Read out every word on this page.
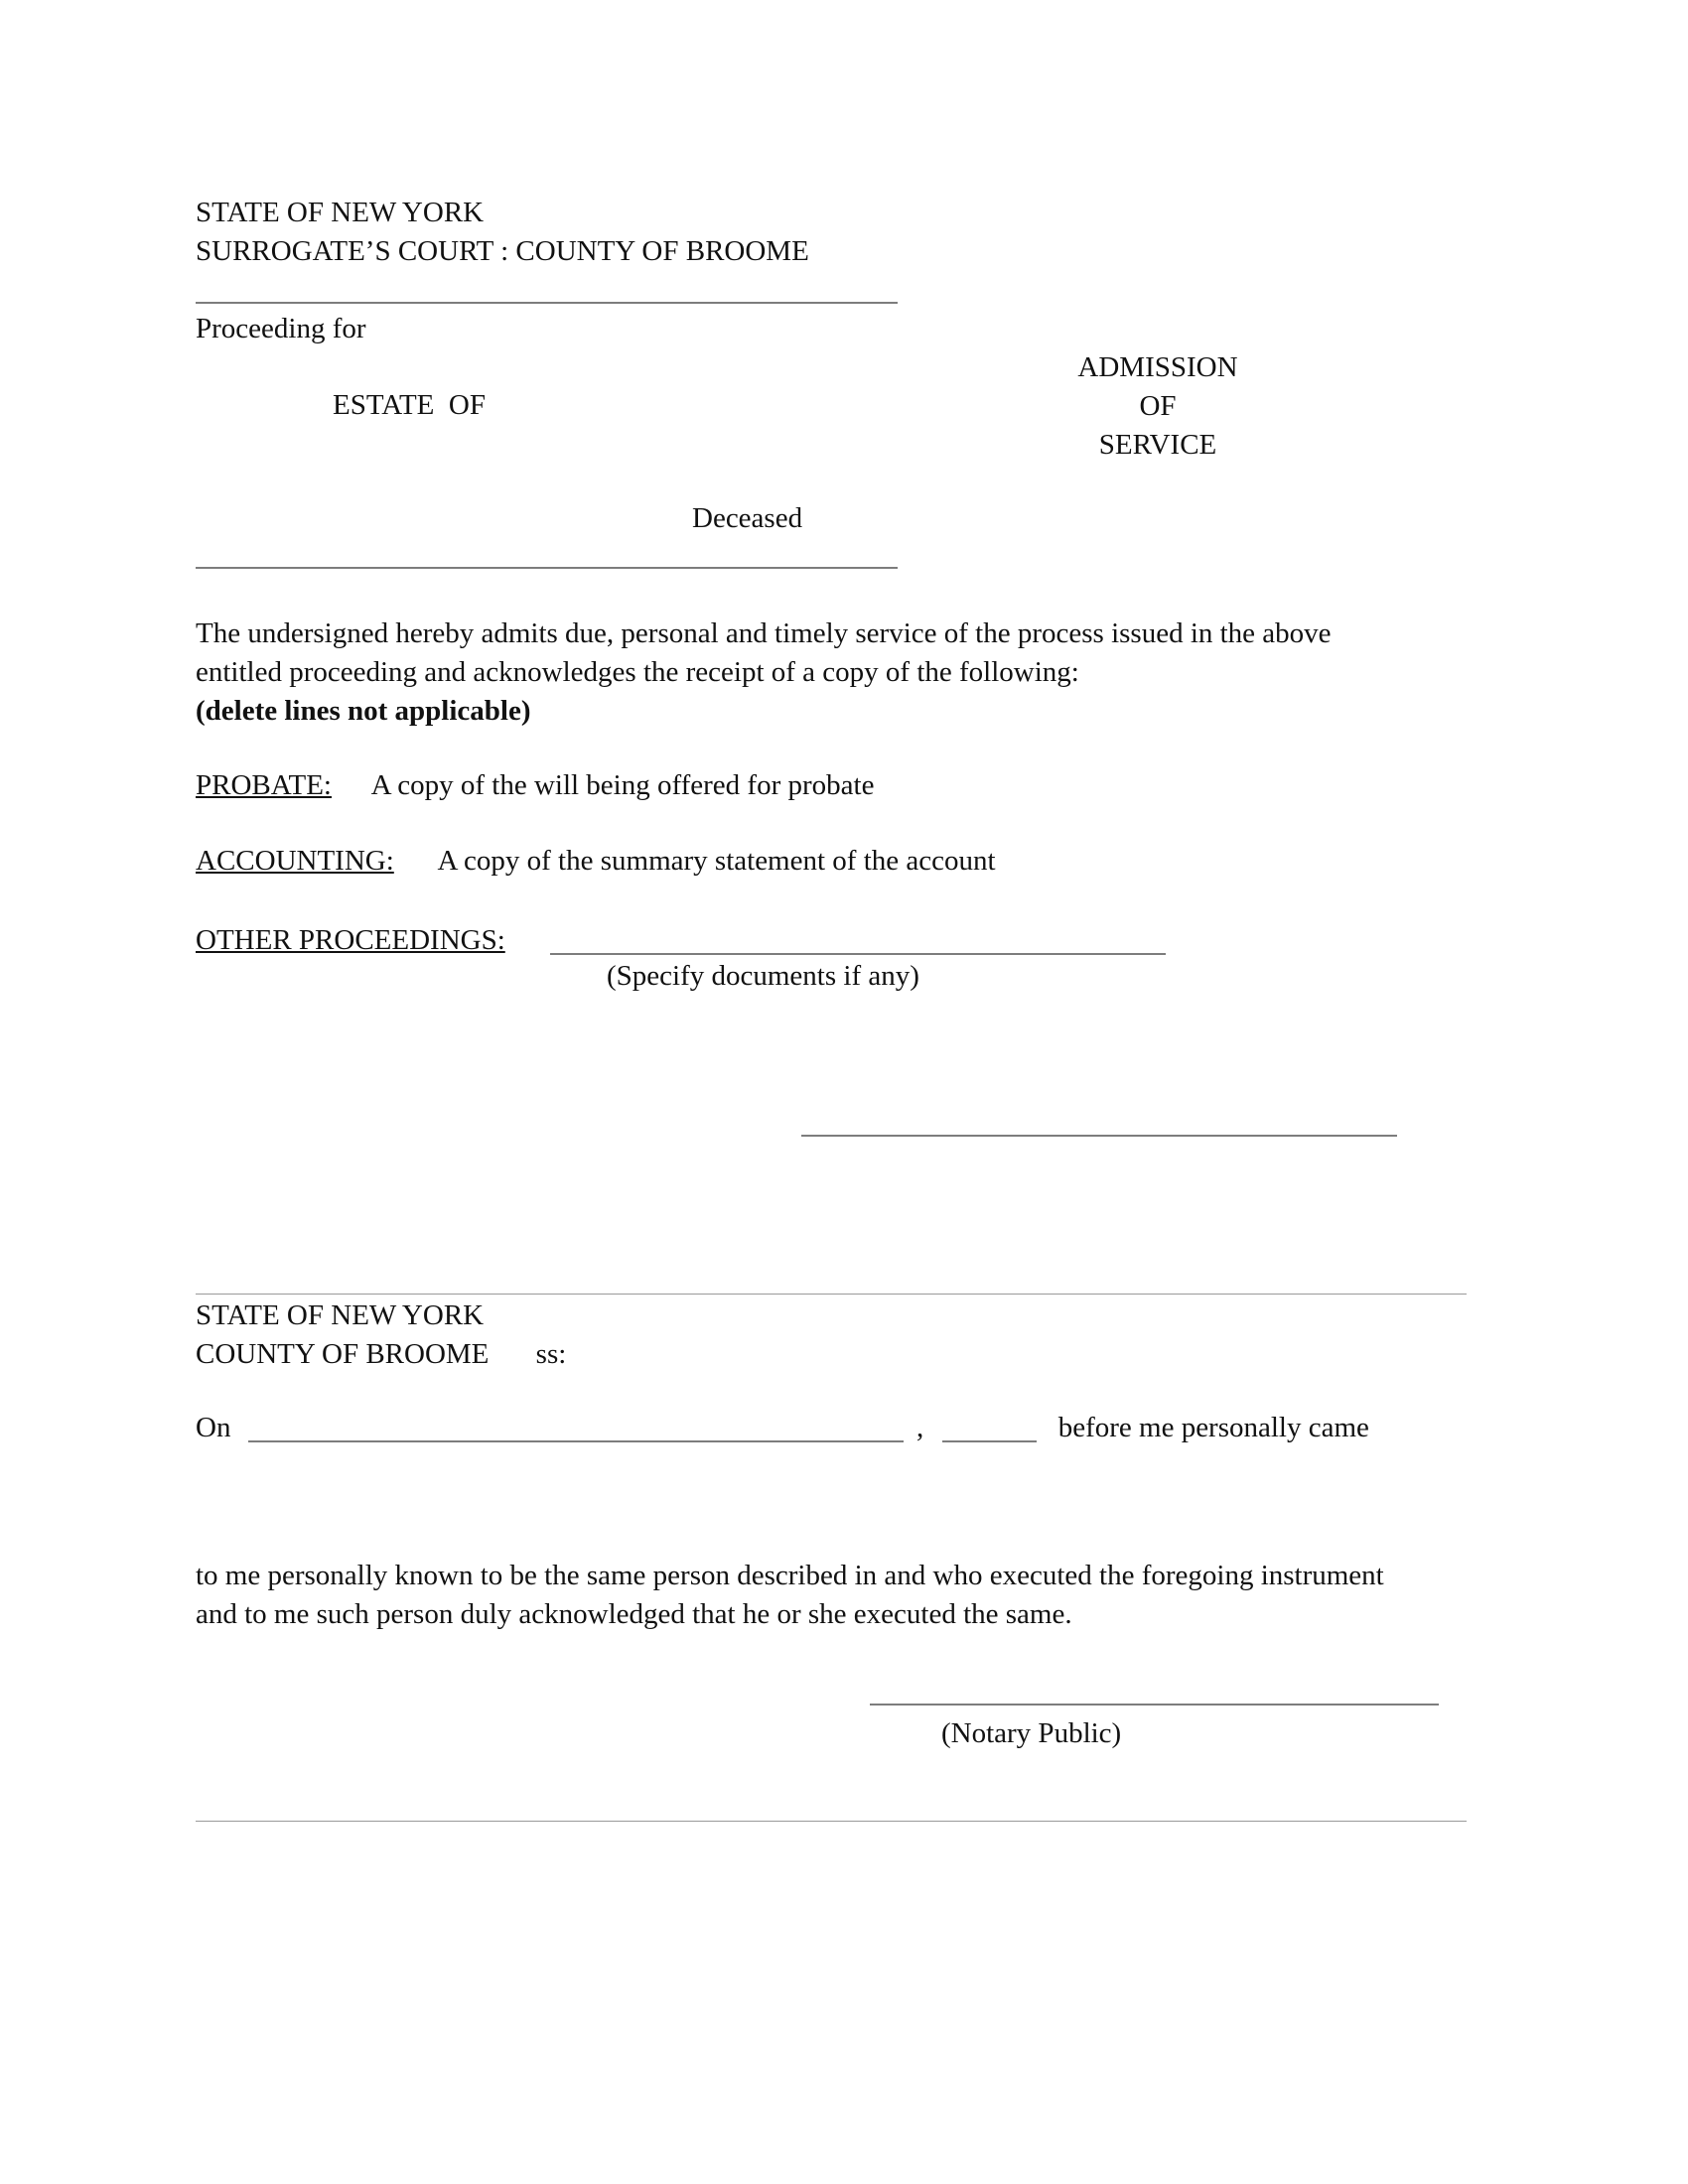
STATE OF NEW YORK
SURROGATE’S COURT : COUNTY OF BROOME
Proceeding for
ADMISSION
OF
SERVICE
ESTATE  OF
Deceased
The undersigned hereby admits due, personal and timely service of the process issued in the above entitled proceeding and acknowledges the receipt of a copy of the following:
(delete lines not applicable)
PROBATE: A copy of the will being offered for probate
ACCOUNTING: A copy of the summary statement of the account
OTHER PROCEEDINGS:
(Specify documents if any)
STATE OF NEW YORK
COUNTY OF BROOME ss:
On	,	before me personally came
to me personally known to be the same person described in and who executed the foregoing instrument and to me such person duly acknowledged that he or she executed the same.
(Notary Public)
